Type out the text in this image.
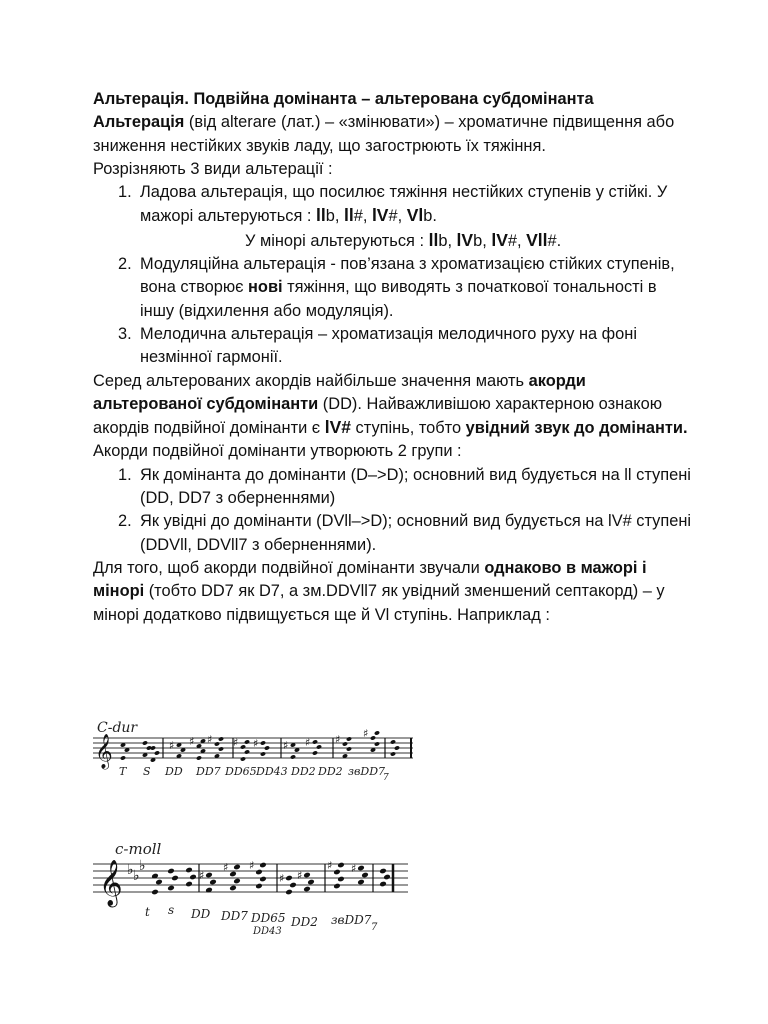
Альтерація. Подвійна домінанта – альтерована субдомінанта

Альтерація (від alterare (лат.) – «змінювати») – хроматичне підвищення або зниження нестійких звуків ладу, що загострюють їх тяжіння.

Розрізняють 3 види альтерації :

1. Ладова альтерація, що посилює тяжіння нестійких ступенів у стійкі. У мажорі альтеруються : llb, ll#, lV#, Vlb.
У мінорі альтеруються : llb, lVb, lV#, Vll#.
2. Модуляційна альтерація - пов’язана з хроматизацією стійких ступенів, вона створює нові тяжіння, що виводять з початкової тональності в іншу (відхилення або модуляція).
3. Мелодична альтерація – хроматизація мелодичного руху на фоні незмінної гармонії.

Серед альтерованих акордів найбільше значення мають акорди альтерованої субдомінанти (DD). Найважливішою характерною ознакою акордів подвійної домінанти є lV# ступінь, тобто увідний звук до домінанти.

Акорди подвійної домінанти утворюють 2 групи :

1. Як домінанта до домінанти (D–>D); основний вид будується на ll ступені (DD, DD7 з оберненнями)
2. Як увідні до домінанти (DVll–>D); основний вид будується на lV# ступені (DDVll, DDVll7 з оберненнями).

Для того, щоб акорди подвійної домінанти звучали однаково в мажорі і мінорі (тобто DD7 як D7, а зм.DDVll7 як увідний зменшений септакорд) – у мінорі додатково підвищується ще й Vl ступінь. Наприклад :

C-dur
𝄞	♯ ♯ ♯ ♯ ♯ ♯ ♯ ♯ ♯
T S DD DD7 DD65 DD43 DD2 DD2 звDD7
7
c-moll
𝄞 ♭ ♭
♭
♯
♯ ♯
♯ ♯
♯ ♯
t s DD DD7 DD65
DD43
DD2 звDD7
7
